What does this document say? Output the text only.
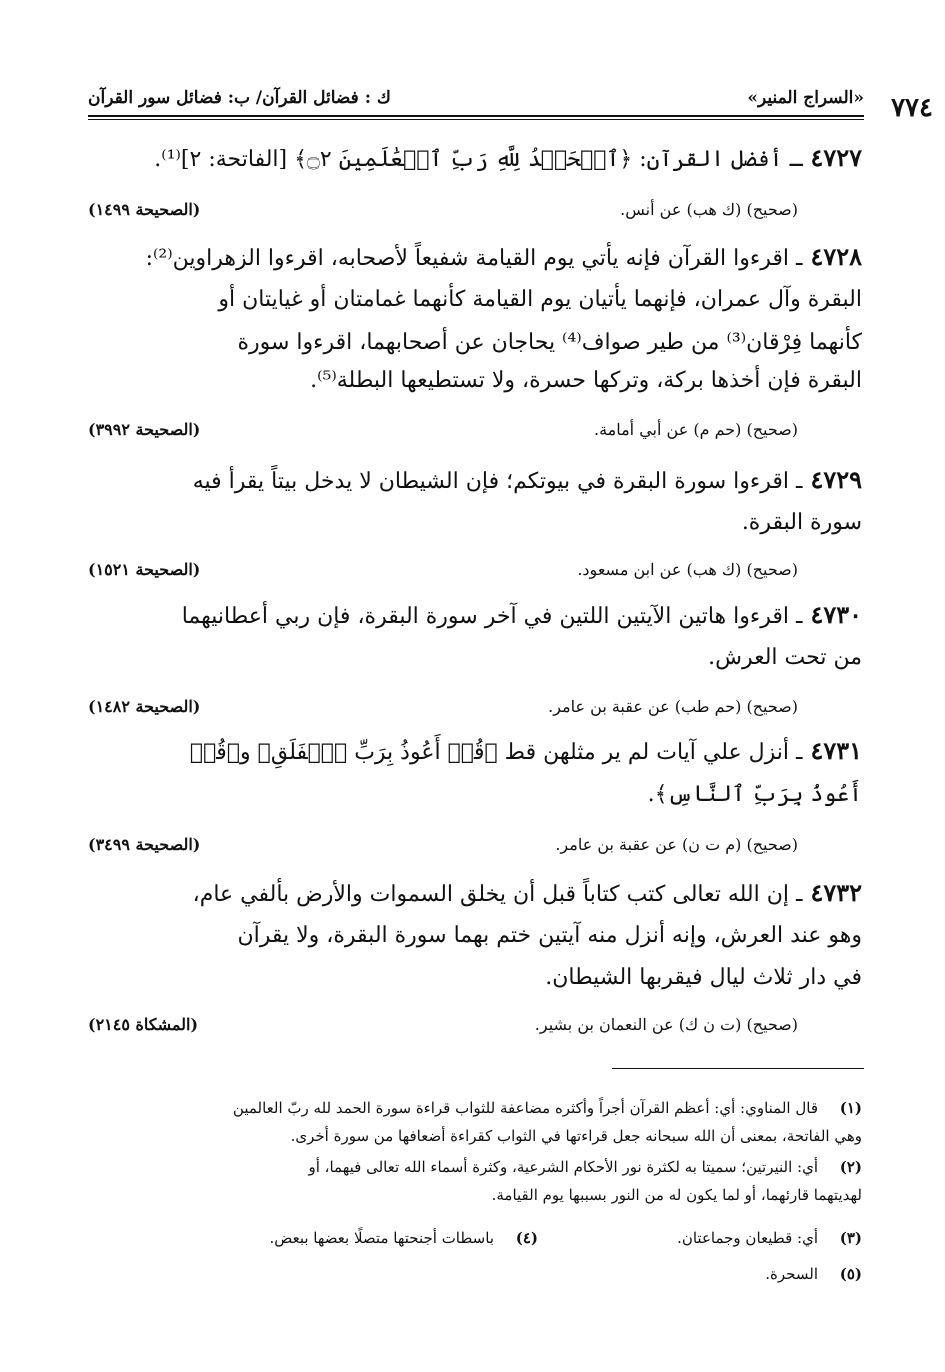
٧٧٤
«السراج المنير»
ك : فضائل القرآن/ ب: فضائل سور القرآن
٤٧٢٧ـ أفضل القرآن: ﴿ٱلۡحَمۡدُ لِلَّهِ رَبِّ ٱلۡعَٰلَمِينَ ۝٢﴾ [الفاتحة: ٢]⁽¹⁾.
(صحيح) (ك هب) عن أنس.
(الصحيحة ١٤٩٩)
٤٧٢٨ـ اقرءوا القرآن فإنه يأتي يوم القيامة شفيعاً لأصحابه، اقرءوا الزهراوين⁽²⁾:
البقرة وآل عمران، فإنهما يأتيان يوم القيامة كأنهما غمامتان أو غيايتان أو
كأنهما فِرْقان⁽³⁾ من طير صواف⁽⁴⁾ يحاجان عن أصحابهما، اقرءوا سورة
البقرة فإن أخذها بركة، وتركها حسرة، ولا تستطيعها البطلة⁽⁵⁾.
(صحيح) (حم م) عن أبي أمامة.
(الصحيحة ٣٩٩٢)
٤٧٢٩ـ اقرءوا سورة البقرة في بيوتكم؛ فإن الشيطان لا يدخل بيتاً يقرأ فيه
سورة البقرة.
(صحيح) (ك هب) عن ابن مسعود.
(الصحيحة ١٥٢١)
٤٧٣٠ـ اقرءوا هاتين الآيتين اللتين في آخر سورة البقرة، فإن ربي أعطانيهما
من تحت العرش.
(صحيح) (حم طب) عن عقبة بن عامر.
(الصحيحة ١٤٨٢)
٤٧٣١ـ أنزل علي آيات لم ير مثلهن قط ﴿قُلۡ أَعُوذُ بِرَبِّ ٱلۡفَلَقِ﴾ و﴿قُلۡ
أَعُوذُ بِرَبِّ ٱلنَّاسِ﴾.
(صحيح) (م ت ن) عن عقبة بن عامر.
(الصحيحة ٣٤٩٩)
٤٧٣٢ـ إن الله تعالى كتب كتاباً قبل أن يخلق السموات والأرض بألفي عام،
وهو عند العرش، وإنه أنزل منه آيتين ختم بهما سورة البقرة، ولا يقرآن
في دار ثلاث ليال فيقربها الشيطان.
(صحيح) (ت ن ك) عن النعمان بن بشير.
(المشكاة ٢١٤٥)
(١)قال المناوي: أي: أعظم القرآن أجراً وأكثره مضاعفة للثواب قراءة سورة الحمد لله ربّ العالمين
وهي الفاتحة، بمعنى أن الله سبحانه جعل قراءتها في الثواب كقراءة أضعافها من سورة أخرى.
(٢)أي: النيرتين؛ سميتا به لكثرة نور الأحكام الشرعية، وكثرة أسماء الله تعالى فيهما، أو
لهديتهما قارئهما، أو لما يكون له من النور بسببها يوم القيامة.
(٣)أي: قطيعان وجماعتان.(٤)باسطات أجنحتها متصلًا بعضها ببعض.
(٥)السحرة.
